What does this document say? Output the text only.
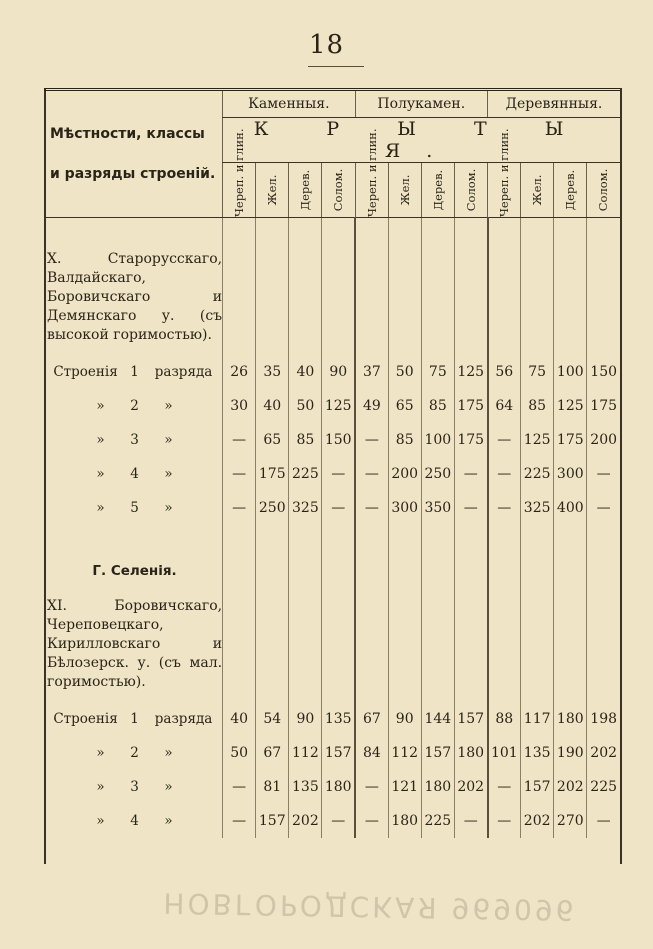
18
Мѣстности, классы
и разряды строеній.	Каменныя.				Полукамен.				Деревянныя.			
	К Р Ы Т Ы Я.											

	Череп. и глин.	Жел.	Дерев.	Солом.	Череп. и глин.	Жел.	Дерев.	Солом.	Череп. и глин.	Жел.	Дерев.	Солом.

X. Старорусскаго, Валдайскаго, Боровичскаго и Демянскаго у. (съ высокой горимостью).												

Строенія 1 разряда	26	35	40	90	37	50	75	125	56	75	100	150
» 2 »	30	40	50	125	49	65	85	175	64	85	125	175
» 3 »	—	65	85	150	—	85	100	175	—	125	175	200
» 4 »	—	175	225	—	—	200	250	—	—	225	300	—
» 5 »	—	250	325	—	—	300	350	—	—	325	400	—

Г. Селенія.												

XI. Боровичскаго, Череповецкаго, Кирилловскаго и Бѣлозерск. у. (съ мал. горимостью).												

Строенія 1 разряда	40	54	90	135	67	90	144	157	88	117	180	198
» 2 »	50	67	112	157	84	112	157	180	101	135	190	202
» 3 »	—	81	135	180	—	121	180	202	—	157	202	225
» 4 »	—	157	202	—	—	180	225	—	—	202	270	—
НОВГОРОДСКАЯ 969096
